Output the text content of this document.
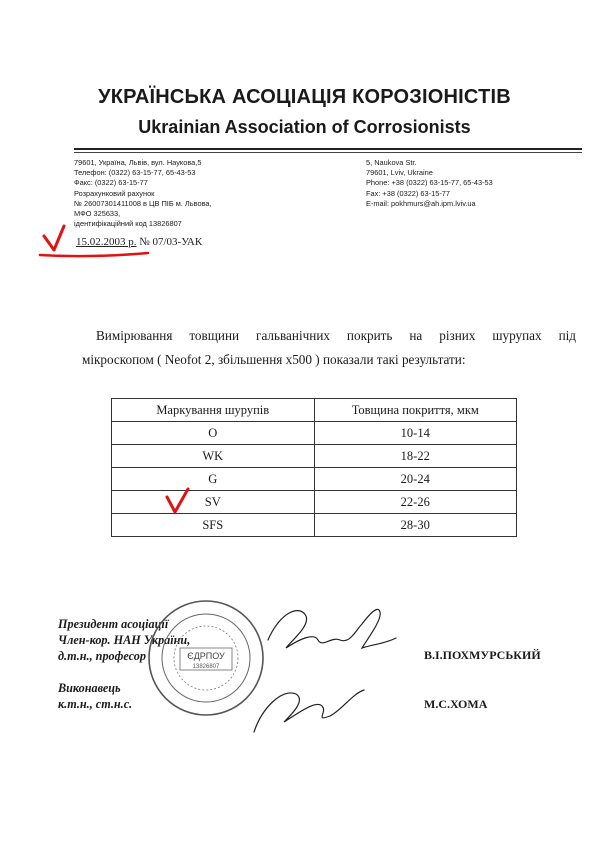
УКРАЇНСЬКА АСОЦІАЦІЯ КОРОЗІОНІСТІВ
Ukrainian Association of Corrosionists
79601, Україна, Львів, вул. Наукова,5
Телефон: (0322) 63-15-77, 65-43-53
Факс: (0322) 63-15-77
Розрахунковий рахунок
№ 26007301411008 в ЦВ ПІБ м. Львова,
МФО 325633,
ідентифікаційний код 13826807
5, Naukova Str.
79601, Lviv, Ukraine
Phone: +38 (0322) 63-15-77, 65-43-53
Fax: +38 (0322) 63-15-77
E-mail: pokhmurs@ah.ipm.lviv.ua
15.02.2003 р. № 07/03-УАК
Вимірювання товщини гальванічних покрить на різних шурупах під
мікроскопом ( Neofot 2, збільшення х500 ) показали такі результати:
Маркування шурупів	Товщина покриття, мкм
O	10-14
WK	18-22
G	20-24
SV	22-26
SFS	28-30
Президент асоціації
Член-кор. НАН України,
д.т.н., професор
Виконавець
к.т.н., ст.н.с.
В.І.ПОХМУРСЬКИЙ
М.С.ХОМА
ЄДРПОУ
13826807
